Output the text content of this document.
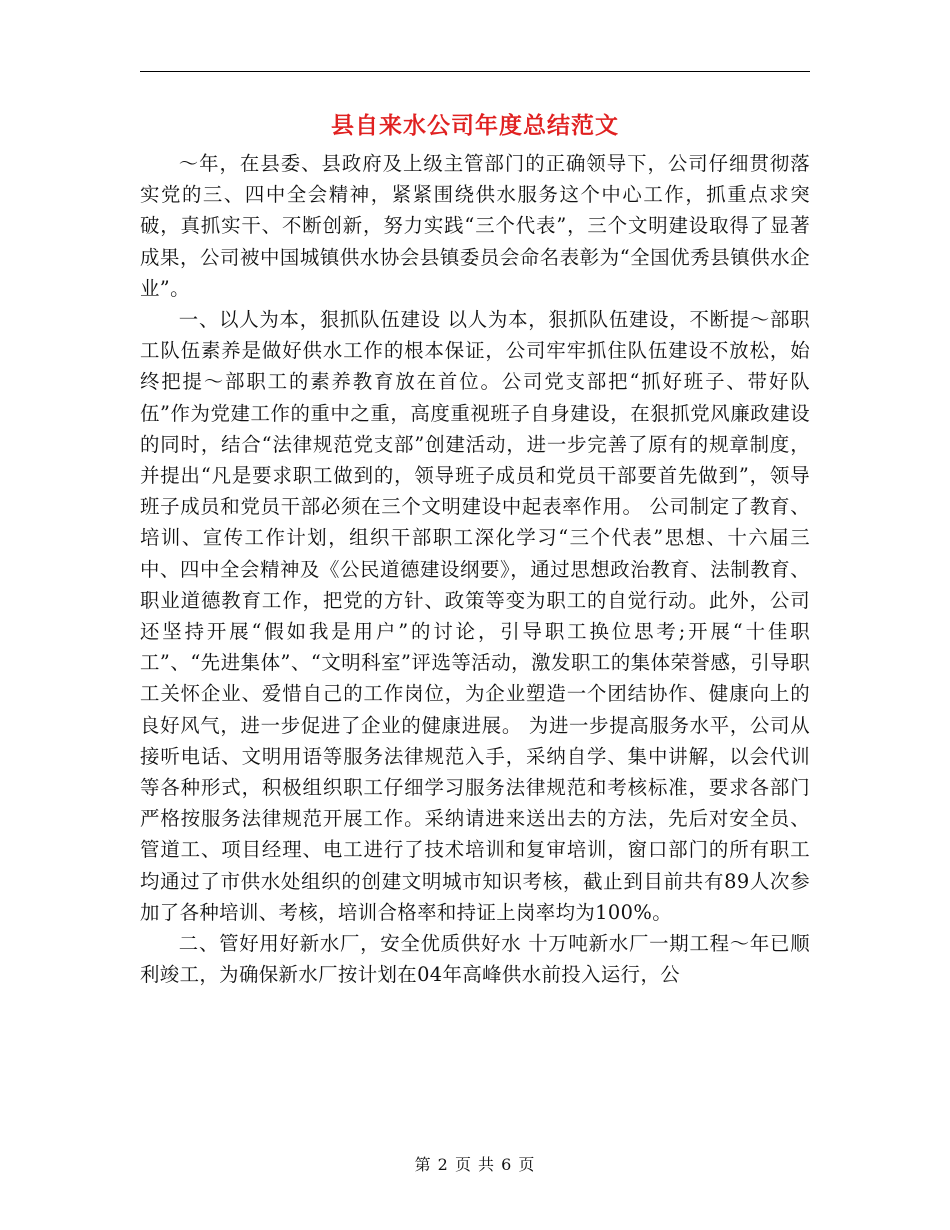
县自来水公司年度总结范文

～年，在县委、县政府及上级主管部门的正确领导下，公司仔细贯彻落实党的三、四中全会精神，紧紧围绕供水服务这个中心工作，抓重点求突破，真抓实干、不断创新，努力实践“三个代表”，三个文明建设取得了显著成果，公司被中国城镇供水协会县镇委员会命名表彰为“全国优秀县镇供水企业”。

一、以人为本，狠抓队伍建设 以人为本，狠抓队伍建设，不断提～部职工队伍素养是做好供水工作的根本保证，公司牢牢抓住队伍建设不放松，始终把提～部职工的素养教育放在首位。公司党支部把“抓好班子、带好队伍”作为党建工作的重中之重，高度重视班子自身建设，在狠抓党风廉政建设的同时，结合“法律规范党支部”创建活动，进一步完善了原有的规章制度，并提出“凡是要求职工做到的，领导班子成员和党员干部要首先做到”，领导班子成员和党员干部必须在三个文明建设中起表率作用。 公司制定了教育、培训、宣传工作计划，组织干部职工深化学习“三个代表”思想、十六届三中、四中全会精神及《公民道德建设纲要》，通过思想政治教育、法制教育、职业道德教育工作，把党的方针、政策等变为职工的自觉行动。此外，公司还坚持开展“假如我是用户”的讨论，引导职工换位思考;开展“十佳职工”、“先进集体”、“文明科室”评选等活动，激发职工的集体荣誉感，引导职工关怀企业、爱惜自己的工作岗位，为企业塑造一个团结协作、健康向上的良好风气，进一步促进了企业的健康进展。 为进一步提高服务水平，公司从接听电话、文明用语等服务法律规范入手，采纳自学、集中讲解，以会代训等各种形式，积极组织职工仔细学习服务法律规范和考核标准，要求各部门严格按服务法律规范开展工作。采纳请进来送出去的方法，先后对安全员、管道工、项目经理、电工进行了技术培训和复审培训，窗口部门的所有职工均通过了市供水处组织的创建文明城市知识考核，截止到目前共有89人次参加了各种培训、考核，培训合格率和持证上岗率均为100%。

二、管好用好新水厂，安全优质供好水 十万吨新水厂一期工程～年已顺利竣工，为确保新水厂按计划在04年高峰供水前投入运行，公

第 2 页 共 6 页
